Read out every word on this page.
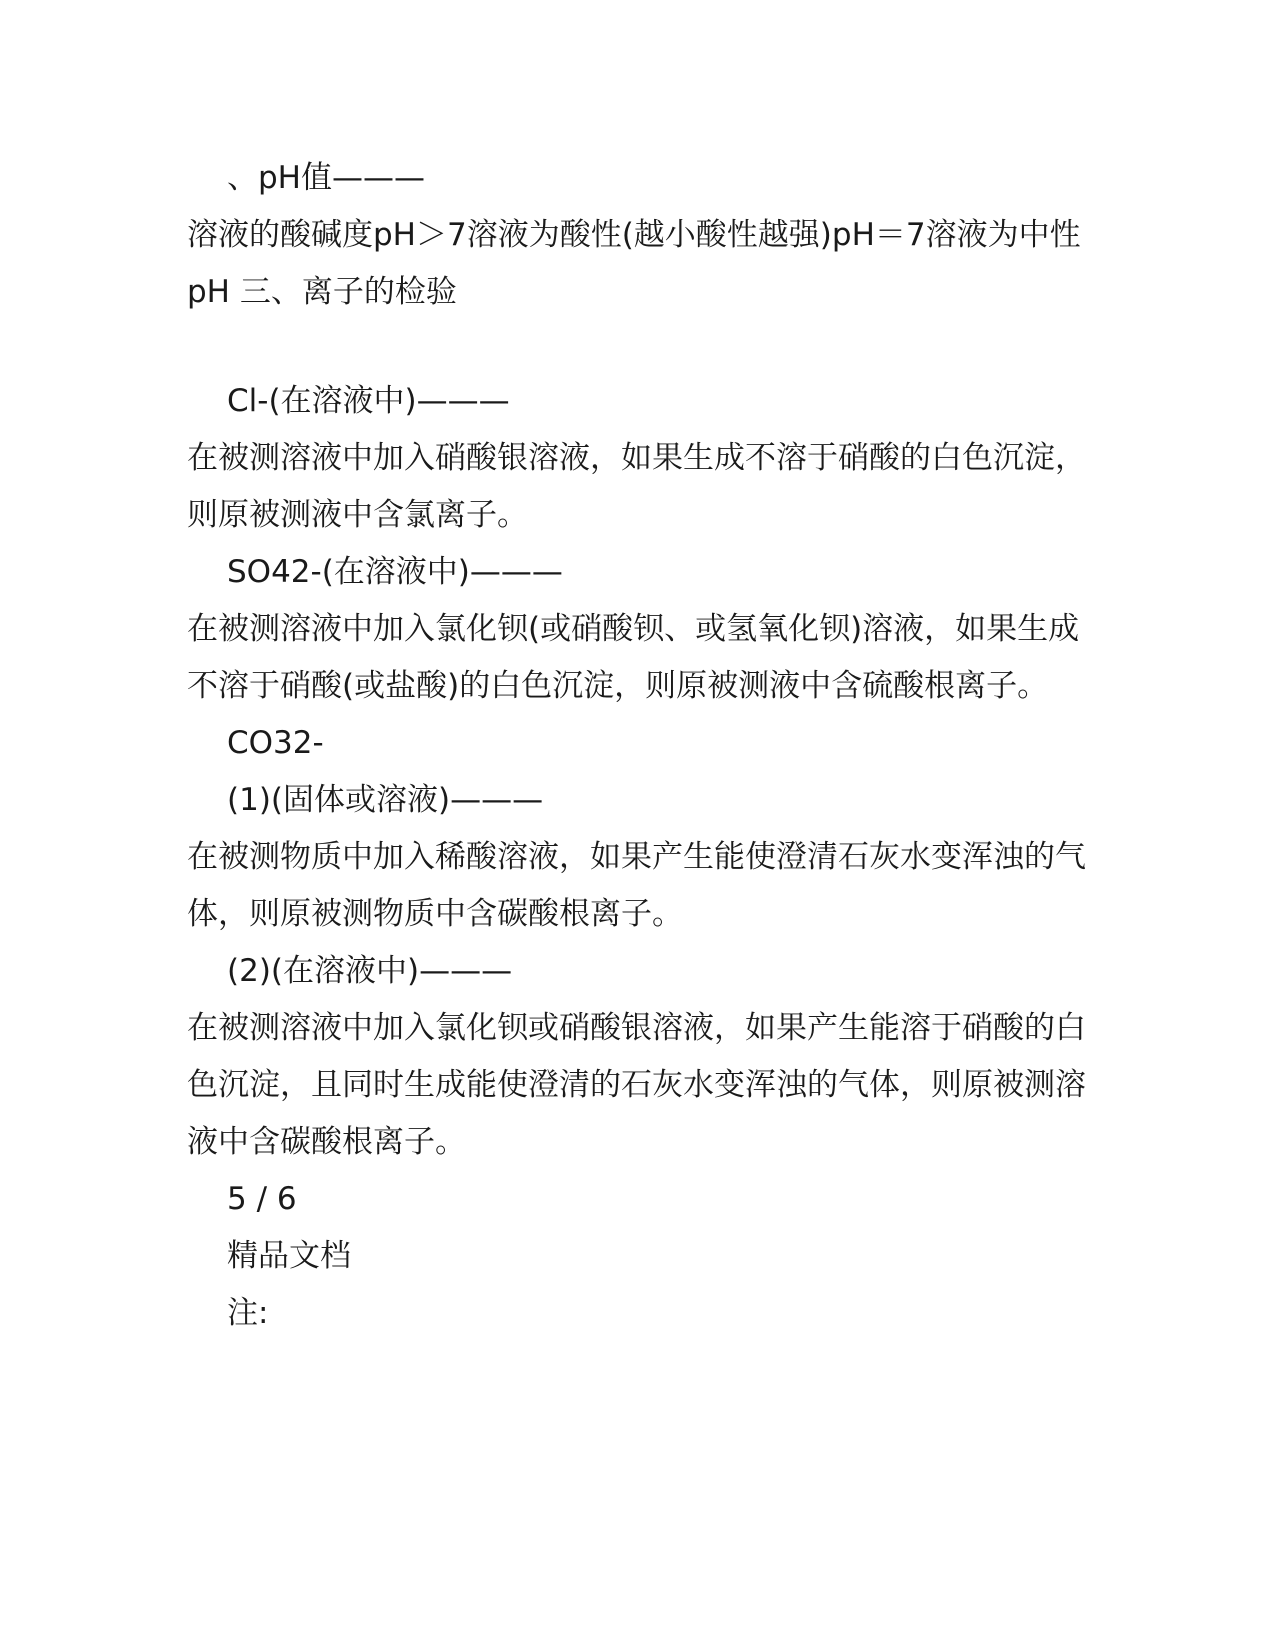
、pH值———

溶液的酸碱度pH＞7溶液为酸性(越小酸性越强)pH＝7溶液为中性pH 三、离子的检验

Cl-(在溶液中)———

在被测溶液中加入硝酸银溶液，如果生成不溶于硝酸的白色沉淀，则原被测液中含氯离子。

SO42-(在溶液中)———

在被测溶液中加入氯化钡(或硝酸钡、或氢氧化钡)溶液，如果生成不溶于硝酸(或盐酸)的白色沉淀，则原被测液中含硫酸根离子。

CO32-

(1)(固体或溶液)———

在被测物质中加入稀酸溶液，如果产生能使澄清石灰水变浑浊的气体，则原被测物质中含碳酸根离子。

(2)(在溶液中)———

在被测溶液中加入氯化钡或硝酸银溶液，如果产生能溶于硝酸的白色沉淀，且同时生成能使澄清的石灰水变浑浊的气体，则原被测溶液中含碳酸根离子。

5 / 6

精品文档

注:
